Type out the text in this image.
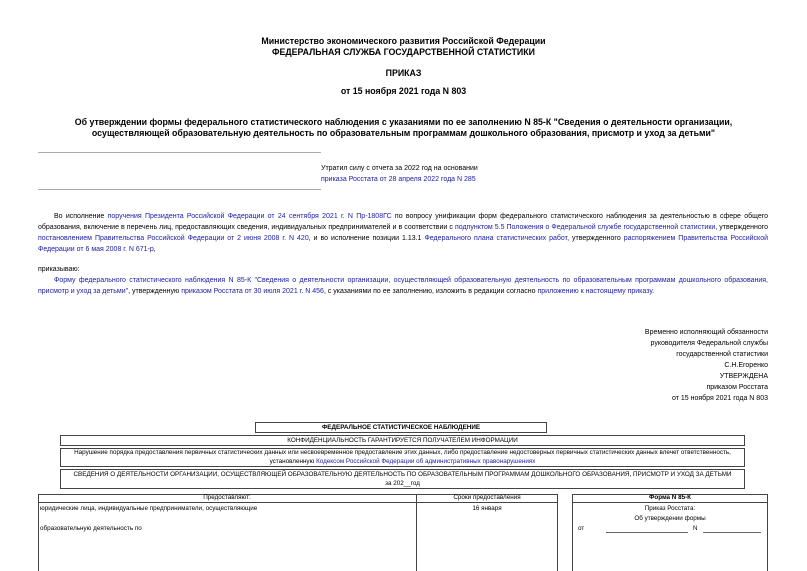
Министерство экономического развития Российской Федерации
ФЕДЕРАЛЬНАЯ СЛУЖБА ГОСУДАРСТВЕННОЙ СТАТИСТИКИ
ПРИКАЗ
от 15 ноября 2021 года N 803
Об утверждении формы федерального статистического наблюдения с указаниями по ее заполнению N 85-К "Сведения о деятельности организации,
осуществляющей образовательную деятельность по образовательным программам дошкольного образования, присмотр и уход за детьми"
Утратил силу с отчета за 2022 год на основании
приказа Росстата от 28 апреля 2022 года N 285
Во исполнение поручения Президента Российской Федерации от 24 сентября 2021 г. N Пр-1808ГС по вопросу унификации форм федерального статистического наблюдения за деятельностью в сфере общего образования, включение в перечень лиц, предоставляющих сведения, индивидуальных предпринимателей и в соответствии с подпунктом 5.5 Положения о Федеральной службе государственной статистики, утвержденного постановлением Правительства Российской Федерации от 2 июня 2008 г. N 420, и во исполнение позиции 1.13.1 Федерального плана статистических работ, утвержденного распоряжением Правительства Российской Федерации от 6 мая 2008 г. N 671-р,
приказываю:
Форму федерального статистического наблюдения N 85-К "Сведения о деятельности организации, осуществляющей образовательную деятельность по образовательным программам дошкольного образования, присмотр и уход за детьми", утвержденную приказом Росстата от 30 июля 2021 г. N 456, с указаниями по ее заполнению, изложить в редакции согласно приложению к настоящему приказу.
Временно исполняющий обязанности
руководителя Федеральной службы
государственной статистики
С.Н.Егоренко
УТВЕРЖДЕНА
приказом Росстата
от 15 ноября 2021 года N 803
ФЕДЕРАЛЬНОЕ СТАТИСТИЧЕСКОЕ НАБЛЮДЕНИЕ
КОНФИДЕНЦИАЛЬНОСТЬ ГАРАНТИРУЕТСЯ ПОЛУЧАТЕЛЕМ ИНФОРМАЦИИ
Нарушение порядка предоставления первичных статистических данных или несвоевременное предоставление этих данных, либо предоставление недостоверных первичных статистических данных влечет ответственность, установленную Кодексом Российской Федерации об административных правонарушениях
СВЕДЕНИЯ О ДЕЯТЕЛЬНОСТИ ОРГАНИЗАЦИИ, ОСУЩЕСТВЛЯЮЩЕЙ ОБРАЗОВАТЕЛЬНУЮ ДЕЯТЕЛЬНОСТЬ ПО ОБРАЗОВАТЕЛЬНЫМ ПРОГРАММАМ ДОШКОЛЬНОГО ОБРАЗОВАНИЯ, ПРИСМОТР И УХОД ЗА ДЕТЬМИ
за 202__год
Предоставляют:	Сроки предоставления
юридические лица, индивидуальные предприниматели, осуществляющие
образовательную деятельность по
16 января
Форма N 85-К
Приказ Росстата:
Об утверждении формы
от	N
